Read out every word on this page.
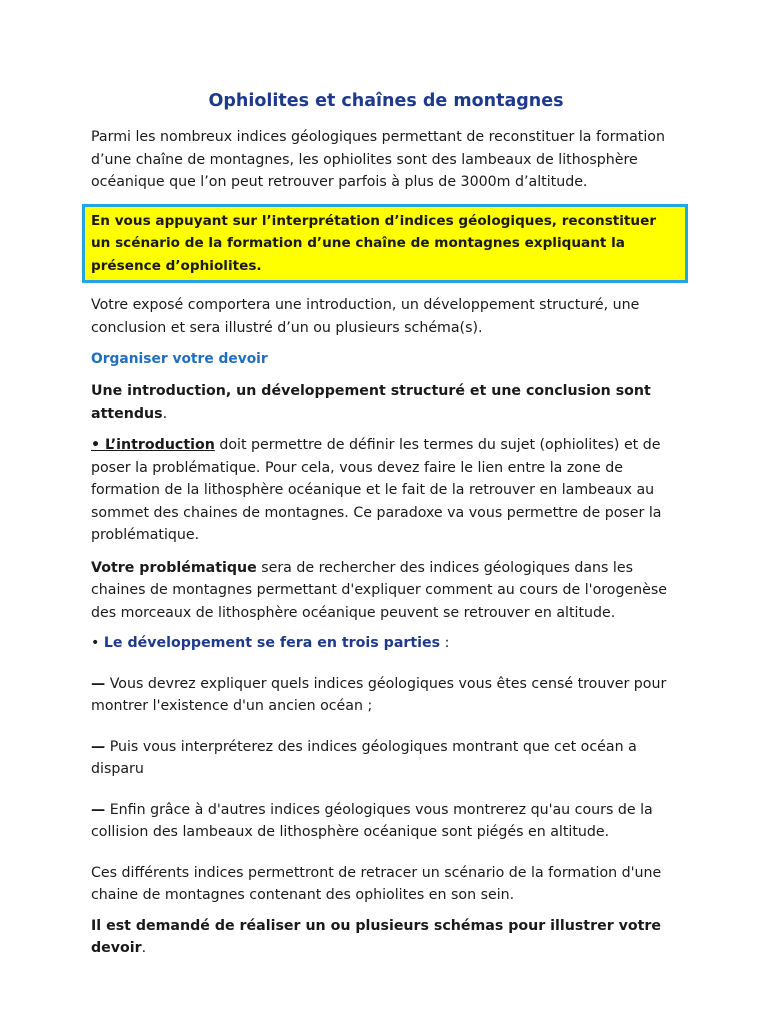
Ophiolites et chaînes de montagnes

Parmi les nombreux indices géologiques permettant de reconstituer la formation d’une chaîne de montagnes, les ophiolites sont des lambeaux de lithosphère océanique que l’on peut retrouver parfois à plus de 3000m d’altitude.

En vous appuyant sur l’interprétation d’indices géologiques, reconstituer un scénario de la formation d’une chaîne de montagnes expliquant la présence d’ophiolites.

Votre exposé comportera une introduction, un développement structuré, une conclusion et sera illustré d’un ou plusieurs schéma(s).

Organiser votre devoir

Une introduction, un développement structuré et une conclusion sont attendus.

• L’introduction doit permettre de définir les termes du sujet (ophiolites) et de poser la problématique. Pour cela, vous devez faire le lien entre la zone de formation de la lithosphère océanique et le fait de la retrouver en lambeaux au sommet des chaines de montagnes. Ce paradoxe va vous permettre de poser la problématique.

Votre problématique sera de rechercher des indices géologiques dans les chaines de montagnes permettant d'expliquer comment au cours de l'orogenèse des morceaux de lithosphère océanique peuvent se retrouver en altitude.

• Le développement se fera en trois parties :

— Vous devrez expliquer quels indices géologiques vous êtes censé trouver pour montrer l'existence d'un ancien océan ;

— Puis vous interpréterez des indices géologiques montrant que cet océan a disparu

— Enfin grâce à d'autres indices géologiques vous montrerez qu'au cours de la collision des lambeaux de lithosphère océanique sont piégés en altitude.

Ces différents indices permettront de retracer un scénario de la formation d'une chaine de montagnes contenant des ophiolites en son sein.

Il est demandé de réaliser un ou plusieurs schémas pour illustrer votre devoir.
